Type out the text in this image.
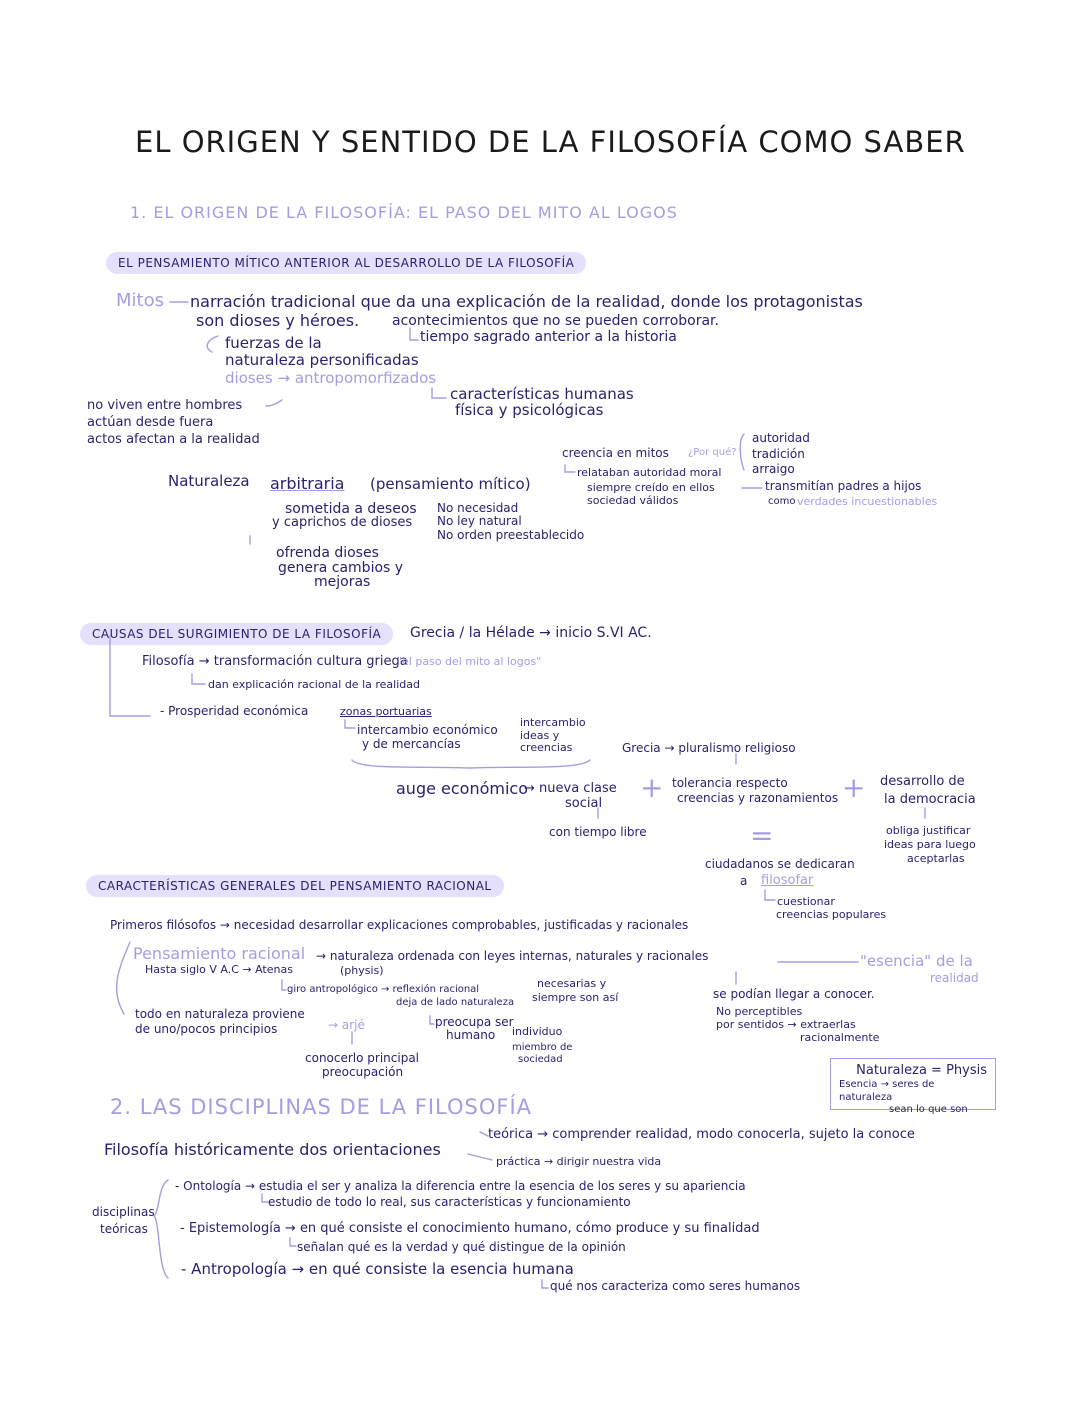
EL ORIGEN Y SENTIDO DE LA FILOSOFÍA COMO SABER
1. EL ORIGEN DE LA FILOSOFÍA: EL PASO DEL MITO AL LOGOS
EL PENSAMIENTO MÍTICO ANTERIOR AL DESARROLLO DE LA FILOSOFÍA
Mitos narración tradicional que da una explicación de la realidad, donde los protagonistas
son dioses y héroes. acontecimientos que no se pueden corroborar.
fuerzas de la
naturaleza personificadas
tiempo sagrado anterior a la historia
dioses → antropomorfizados
características humanas
física y psicológicas
no viven entre hombres
actúan desde fuera
actos afectan a la realidad
creencia en mitos ¿Por qué?
autoridad
tradición
arraigo
relataban autoridad moral
siempre creído en ellos
sociedad válidos
transmitían padres a hijos
como verdades incuestionables
Naturaleza arbitraria (pensamiento mítico)
sometida a deseos
y caprichos de dioses
No necesidad
No ley natural
No orden preestablecido
ofrenda dioses
genera cambios y
mejoras
CAUSAS DEL SURGIMIENTO DE LA FILOSOFÍA	Grecia / la Hélade → inicio S.VI AC.
Filosofía → transformación cultura griega
"el paso del mito al logos"
dan explicación racional de la realidad
- Prosperidad económica	zonas portuarias
intercambio económico
y de mercancías
intercambio
ideas y
creencias	Grecia → pluralismo religioso
auge económico
→ nueva clase
social
con tiempo libre
+ tolerancia respecto
creencias y razonamientos + desarrollo de
la democracia
obliga justificar
ideas para luego
aceptarlas
=
ciudadanos se dedicaran
a filosofar
cuestionar
creencias populares
CARACTERÍSTICAS GENERALES DEL PENSAMIENTO RACIONAL
Primeros filósofos → necesidad desarrollar explicaciones comprobables, justificadas y racionales
Pensamiento racional → naturaleza ordenada con leyes internas, naturales y racionales	"esencia" de la
realidad
Hasta siglo V A.C → Atenas	(physis)
giro antropológico → reflexión racional
deja de lado naturaleza
necesarias y
siempre son así	se podían llegar a conocer.
No perceptibles
por sentidos → extraerlas
racionalmente
todo en naturaleza proviene
de uno/pocos principios	→ arjé
conocerlo principal
preocupación
preocupa ser
humano individuo
miembro de
sociedad
Naturaleza = Physis
Esencia → seres de naturaleza
sean lo que son
2. LAS DISCIPLINAS DE LA FILOSOFÍA
Filosofía históricamente dos orientaciones
teórica → comprender realidad, modo conocerla, sujeto la conoce
práctica → dirigir nuestra vida
disciplinas
teóricas
- Ontología → estudia el ser y analiza la diferencia entre la esencia de los seres y su apariencia
estudio de todo lo real, sus características y funcionamiento
- Epistemología → en qué consiste el conocimiento humano, cómo produce y su finalidad
señalan qué es la verdad y qué distingue de la opinión
- Antropología → en qué consiste la esencia humana
qué nos caracteriza como seres humanos
